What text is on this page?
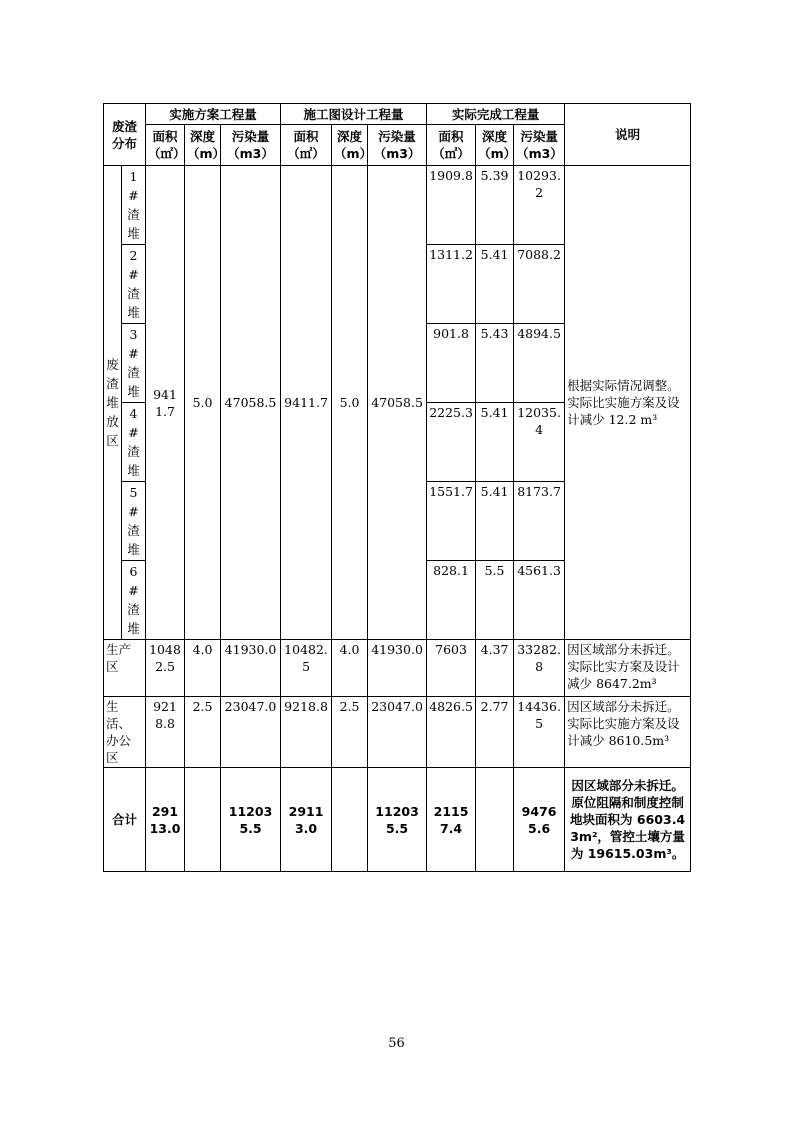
废渣分布		实施方案工程量			施工图设计工程量			实际完成工程量			说明
		面积（㎡）	深度（m）	污染量（m3）	面积（㎡）	深度（m）	污染量（m3）	面积（㎡）	深度（m）	污染量（m3）	
废渣堆放区	1#渣堆	9411.7	5.0	47058.5	9411.7	5.0	47058.5	1909.8	5.39	10293.2	根据实际情况调整。实际比实施方案及设计减少 12.2 m³

	2#渣堆							1311.2	5.41	7088.2	

	3#渣堆							901.8	5.43	4894.5	

	4#渣堆							2225.3	5.41	12035.4	

	5#渣堆							1551.7	5.41	8173.7	

	6#渣堆							828.1	5.5	4561.3	
生产区		10482.5	4.0	41930.0	10482.5	4.0	41930.0	7603	4.37	33282.8	因区域部分未拆迁。实际比实方案及设计减少 8647.2m³
生活、办公区		9218.8	2.5	23047.0	9218.8	2.5	23047.0	4826.5	2.77	14436.5	因区域部分未拆迁。实际比实施方案及设计减少 8610.5m³
合计		29113.0		112035.5	29113.0		112035.5	21157.4		94765.6	因区域部分未拆迁。原位阻隔和制度控制地块面积为 6603.43m²，管控土壤方量为 19615.03m³。
56
